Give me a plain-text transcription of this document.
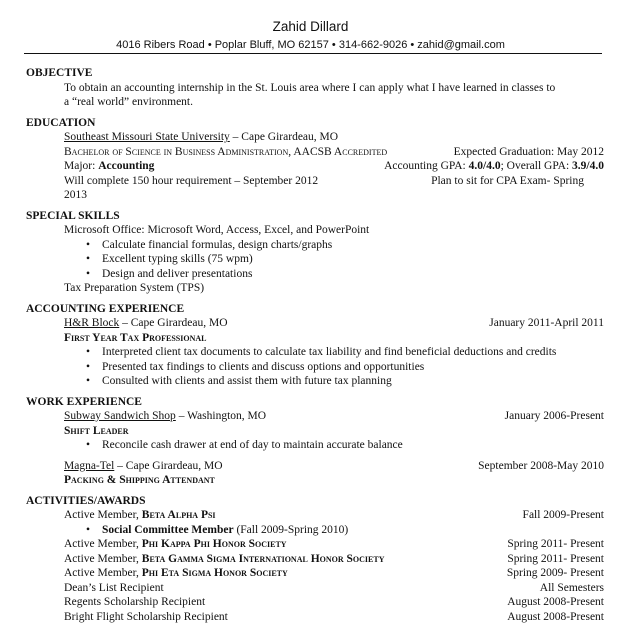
Zahid Dillard
4016 Ribers Road • Poplar Bluff, MO 62157 • 314-662-9026 • zahid@gmail.com
OBJECTIVE
To obtain an accounting internship in the St. Louis area where I can apply what I have learned in classes to
a “real world” environment.
EDUCATION
Southeast Missouri State University – Cape Girardeau, MO
Bachelor of Science in Business Administration, AACSB Accredited	Expected Graduation: May 2012
Major: Accounting	Accounting GPA: 4.0/4.0; Overall GPA: 3.9/4.0
Will complete 150 hour requirement – September 2012	Plan to sit for CPA Exam- Spring
2013
SPECIAL SKILLS
Microsoft Office: Microsoft Word, Access, Excel, and PowerPoint
• Calculate financial formulas, design charts/graphs
• Excellent typing skills (75 wpm)
• Design and deliver presentations
Tax Preparation System (TPS)
ACCOUNTING EXPERIENCE
H&R Block – Cape Girardeau, MO	January 2011-April 2011
First Year Tax Professional
• Interpreted client tax documents to calculate tax liability and find beneficial deductions and credits
• Presented tax findings to clients and discuss options and opportunities
• Consulted with clients and assist them with future tax planning
WORK EXPERIENCE
Subway Sandwich Shop – Washington, MO	January 2006-Present
Shift Leader
• Reconcile cash drawer at end of day to maintain accurate balance
Magna-Tel – Cape Girardeau, MO	September 2008-May 2010
Packing & Shipping Attendant
ACTIVITIES/AWARDS
Active Member, Beta Alpha Psi	Fall 2009-Present
• Social Committee Member (Fall 2009-Spring 2010)
Active Member, Phi Kappa Phi Honor Society	Spring 2011- Present
Active Member, Beta Gamma Sigma International Honor Society	Spring 2011- Present
Active Member, Phi Eta Sigma Honor Society	Spring 2009- Present
Dean’s List Recipient	All Semesters
Regents Scholarship Recipient	August 2008-Present
Bright Flight Scholarship Recipient	August 2008-Present
